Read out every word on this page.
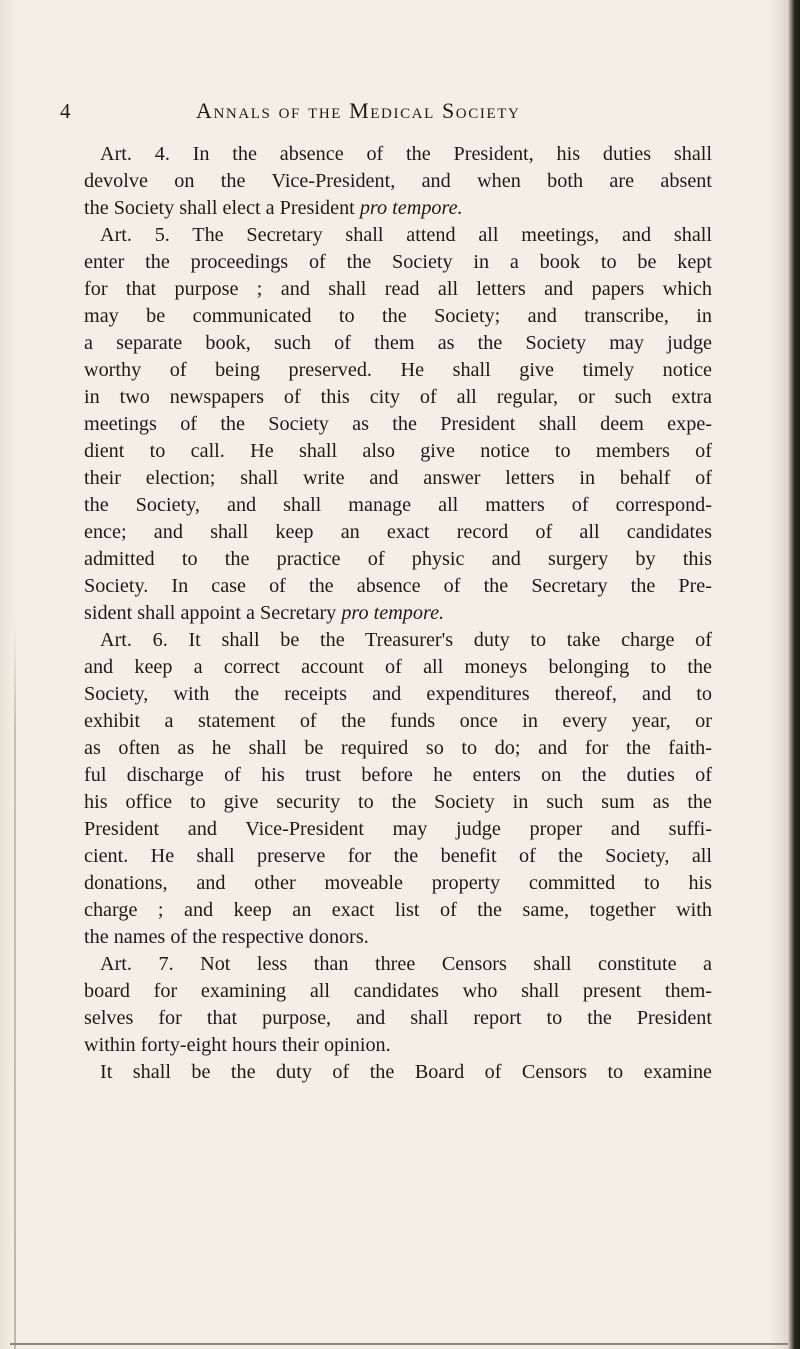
4	Annals of the Medical Society
Art. 4. In the absence of the President, his duties shall
devolve on the Vice-President, and when both are absent
the Society shall elect a President pro tempore.
Art. 5. The Secretary shall attend all meetings, and shall
enter the proceedings of the Society in a book to be kept
for that purpose ; and shall read all letters and papers which
may be communicated to the Society; and transcribe, in
a separate book, such of them as the Society may judge
worthy of being preserved. He shall give timely notice
in two newspapers of this city of all regular, or such extra
meetings of the Society as the President shall deem expe-
dient to call. He shall also give notice to members of
their election; shall write and answer letters in behalf of
the Society, and shall manage all matters of correspond-
ence; and shall keep an exact record of all candidates
admitted to the practice of physic and surgery by this
Society. In case of the absence of the Secretary the Pre-
sident shall appoint a Secretary pro tempore.
Art. 6. It shall be the Treasurer's duty to take charge of
and keep a correct account of all moneys belonging to the
Society, with the receipts and expenditures thereof, and to
exhibit a statement of the funds once in every year, or
as often as he shall be required so to do; and for the faith-
ful discharge of his trust before he enters on the duties of
his office to give security to the Society in such sum as the
President and Vice-President may judge proper and suffi-
cient. He shall preserve for the benefit of the Society, all
donations, and other moveable property committed to his
charge ; and keep an exact list of the same, together with
the names of the respective donors.
Art. 7. Not less than three Censors shall constitute a
board for examining all candidates who shall present them-
selves for that purpose, and shall report to the President
within forty-eight hours their opinion.
It shall be the duty of the Board of Censors to examine
